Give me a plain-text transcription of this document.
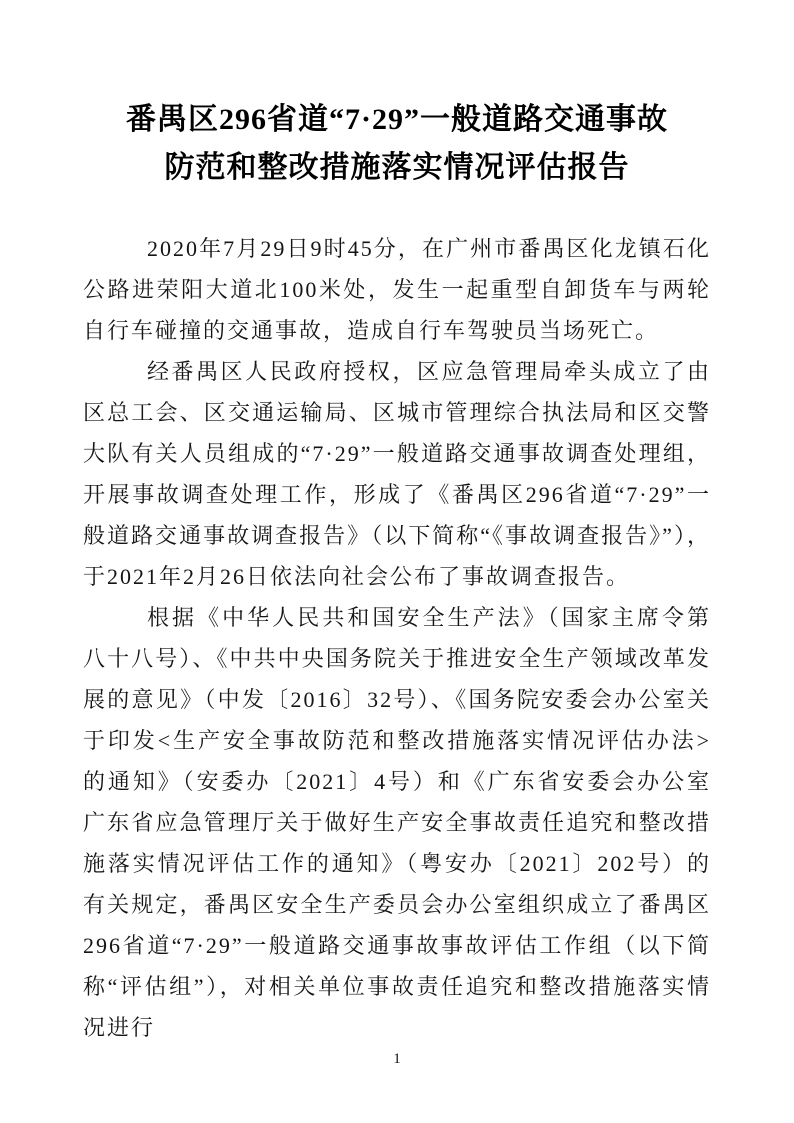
番禺区296省道“7·29”一般道路交通事故
防范和整改措施落实情况评估报告

2020年7月29日9时45分，在广州市番禺区化龙镇石化公路进荣阳大道北100米处，发生一起重型自卸货车与两轮自行车碰撞的交通事故，造成自行车驾驶员当场死亡。

经番禺区人民政府授权，区应急管理局牵头成立了由区总工会、区交通运输局、区城市管理综合执法局和区交警大队有关人员组成的“7·29”一般道路交通事故调查处理组，开展事故调查处理工作，形成了《番禺区296省道“7·29”一般道路交通事故调查报告》（以下简称“《事故调查报告》”），于2021年2月26日依法向社会公布了事故调查报告。

根据《中华人民共和国安全生产法》（国家主席令第八十八号）、《中共中央国务院关于推进安全生产领域改革发展的意见》（中发〔2016〕32号）、《国务院安委会办公室关于印发<生产安全事故防范和整改措施落实情况评估办法>的通知》（安委办〔2021〕4号）和《广东省安委会办公室　广东省应急管理厅关于做好生产安全事故责任追究和整改措施落实情况评估工作的通知》（粤安办〔2021〕202号）的有关规定，番禺区安全生产委员会办公室组织成立了番禺区296省道“7·29”一般道路交通事故事故评估工作组（以下简称“评估组”），对相关单位事故责任追究和整改措施落实情况进行

1
